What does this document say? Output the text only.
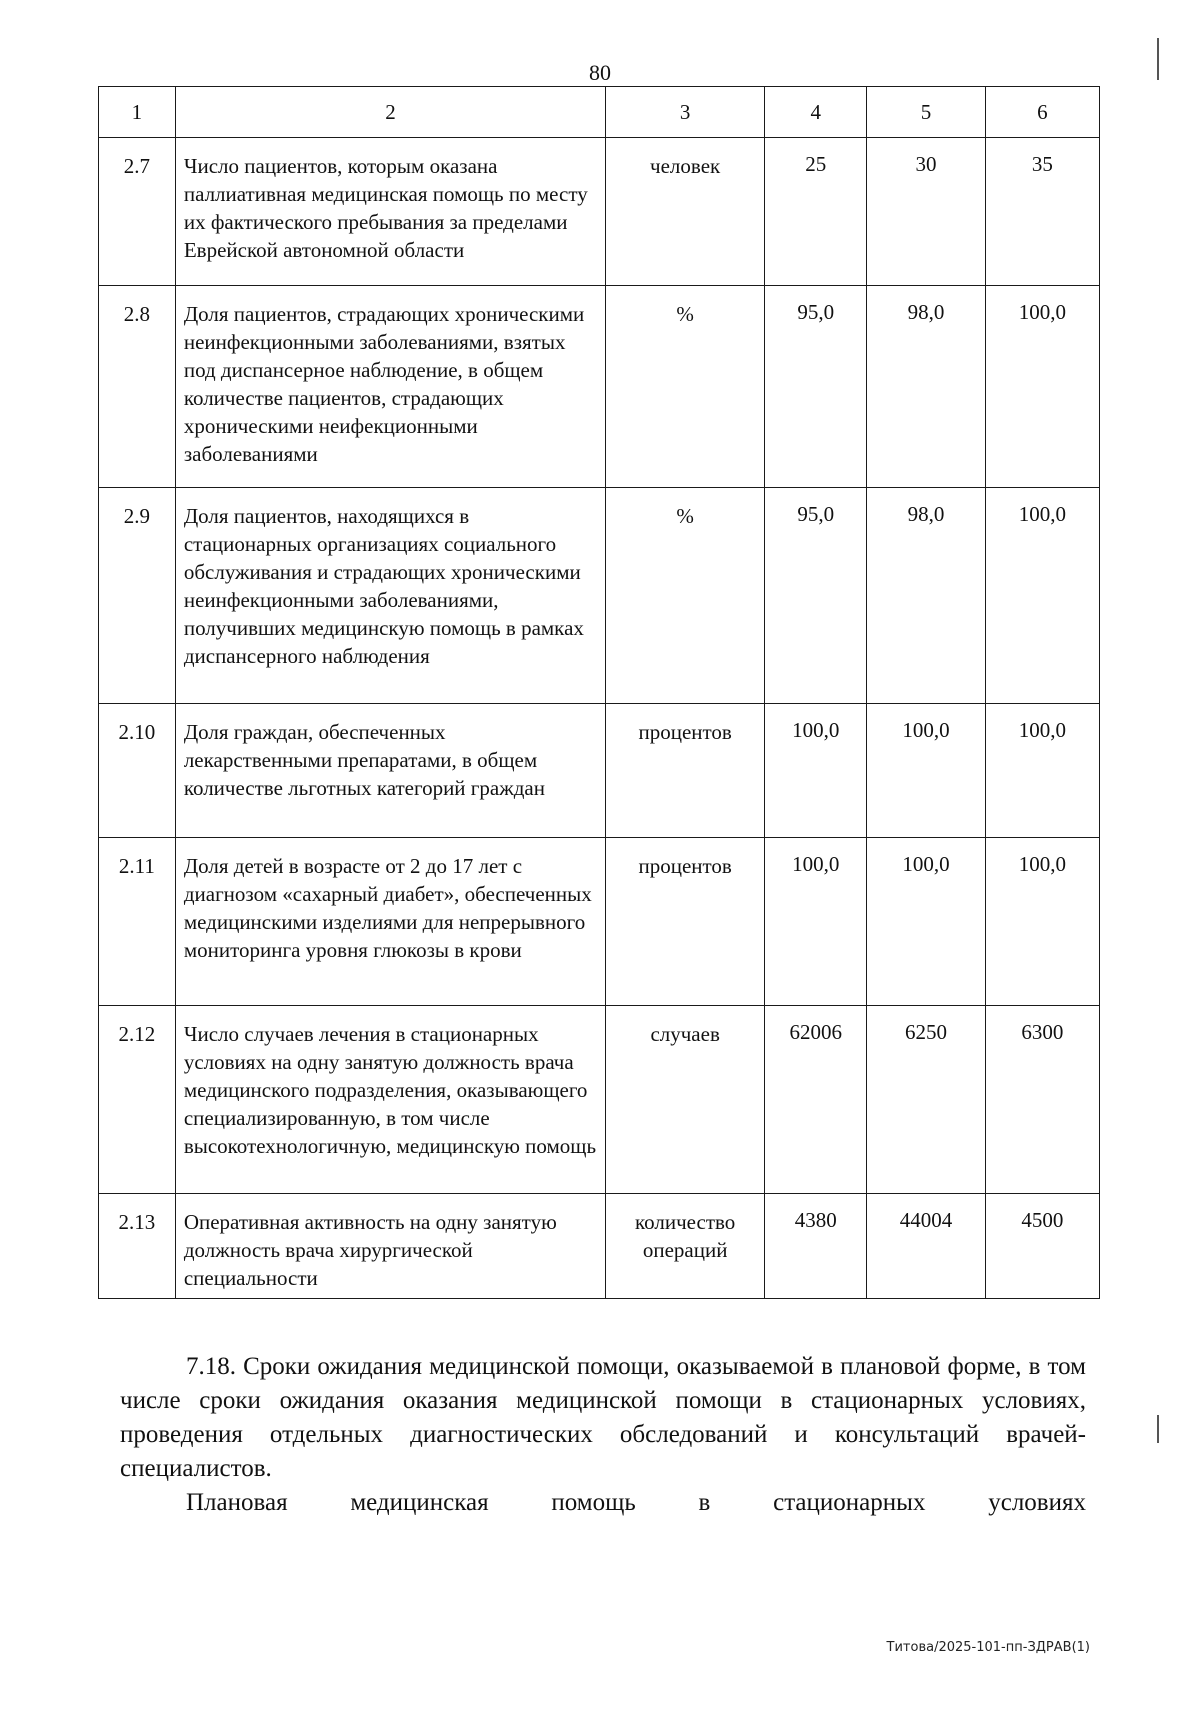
80
1	2	3	4	5	6
2.7	Число пациентов, которым оказана паллиативная медицинская помощь по месту их фактического пребывания за пределами Еврейской автономной области	человек	25	30	35
2.8	Доля пациентов, страдающих хроническими неинфекционными заболеваниями, взятых под диспансерное наблюдение, в общем количестве пациентов, страдающих хроническими неифекционными заболеваниями	%	95,0	98,0	100,0
2.9	Доля пациентов, находящихся в стационарных организациях социального обслуживания и страдающих хроническими неинфекционными заболеваниями, получивших медицинскую помощь в рамках диспансерного наблюдения	%	95,0	98,0	100,0
2.10	Доля граждан, обеспеченных лекарственными препаратами, в общем количестве льготных категорий граждан	процентов	100,0	100,0	100,0
2.11	Доля детей в возрасте от 2 до 17 лет с диагнозом «сахарный диабет», обеспеченных медицинскими изделиями для непрерывного мониторинга уровня глюкозы в крови	процентов	100,0	100,0	100,0
2.12	Число случаев лечения в стационарных условиях на одну занятую должность врача медицинского подразделения, оказывающего специализированную, в том числе высокотехнологичную, медицинскую помощь	случаев	62006	6250	6300
2.13	Оперативная активность на одну занятую должность врача хирургической специальности	количество операций	4380	44004	4500

7.18. Сроки ожидания медицинской помощи, оказываемой в плановой форме, в том числе сроки ожидания оказания медицинской помощи в стационарных условиях, проведения отдельных диагностических обследований и консультаций врачей-специалистов.

Плановая	медицинская	помощь	в	стационарных	условиях

Титова/2025-101-пп-ЗДРАВ(1)
